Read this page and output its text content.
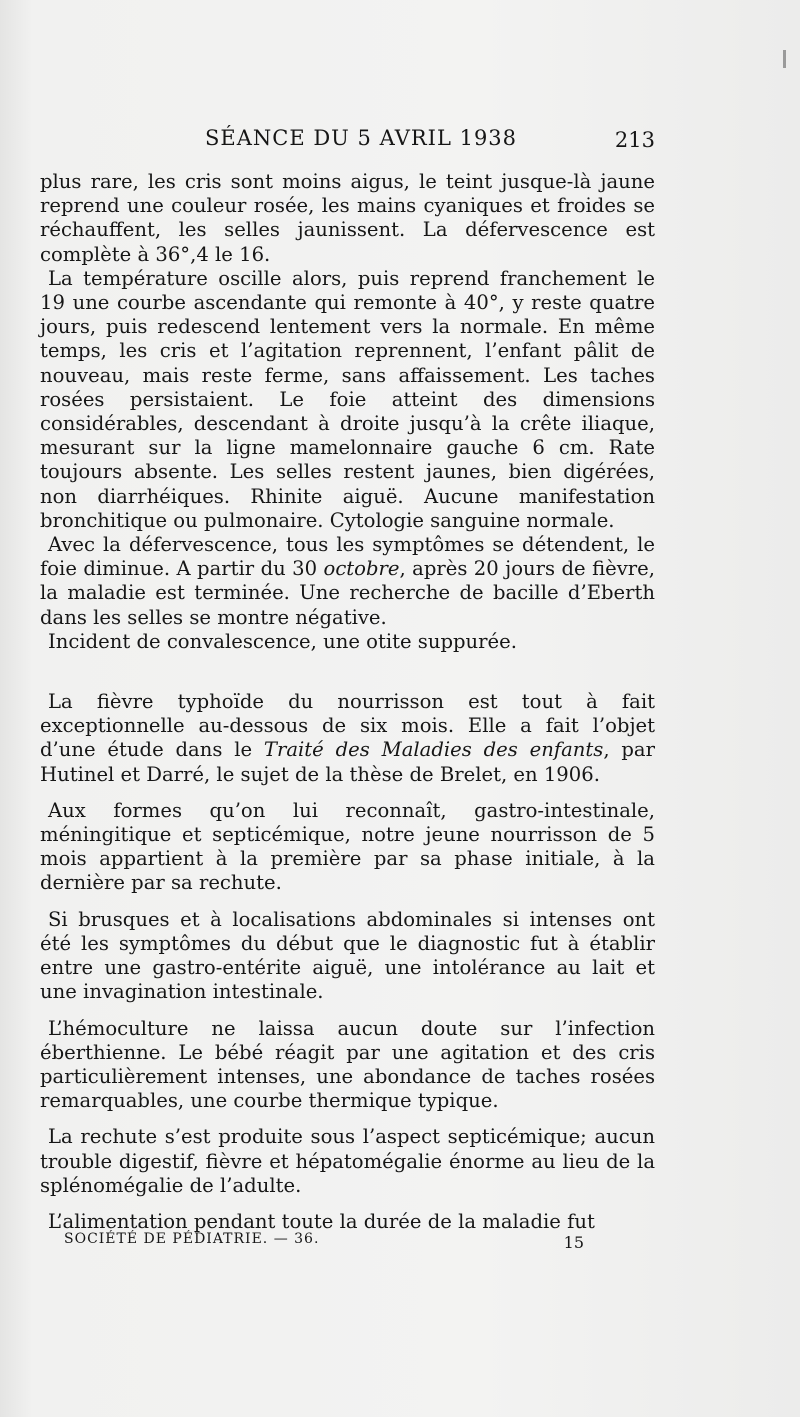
SÉANCE DU 5 AVRIL 1938	213

plus rare, les cris sont moins aigus, le teint jusque-là jaune reprend une couleur rosée, les mains cyaniques et froides se réchauffent, les selles jaunissent. La défervescence est complète à 36°,4 le 16.

La température oscille alors, puis reprend franchement le 19 une courbe ascendante qui remonte à 40°, y reste quatre jours, puis redescend lentement vers la normale. En même temps, les cris et l’agitation reprennent, l’enfant pâlit de nouveau, mais reste ferme, sans affaissement. Les taches rosées persistaient. Le foie atteint des dimensions considérables, descendant à droite jusqu’à la crête iliaque, mesurant sur la ligne mamelonnaire gauche 6 cm. Rate toujours absente. Les selles restent jaunes, bien digérées, non diarrhéiques. Rhinite aiguë. Aucune manifestation bronchitique ou pulmonaire. Cytologie sanguine normale.

Avec la défervescence, tous les symptômes se détendent, le foie diminue. A partir du 30 octobre, après 20 jours de fièvre, la maladie est terminée. Une recherche de bacille d’Eberth dans les selles se montre négative.

Incident de convalescence, une otite suppurée.

La fièvre typhoïde du nourrisson est tout à fait exceptionnelle au-dessous de six mois. Elle a fait l’objet d’une étude dans le Traité des Maladies des enfants, par Hutinel et Darré, le sujet de la thèse de Brelet, en 1906.

Aux formes qu’on lui reconnaît, gastro-intestinale, méningitique et septicémique, notre jeune nourrisson de 5 mois appartient à la première par sa phase initiale, à la dernière par sa rechute.

Si brusques et à localisations abdominales si intenses ont été les symptômes du début que le diagnostic fut à établir entre une gastro-entérite aiguë, une intolérance au lait et une invagination intestinale.

L’hémoculture ne laissa aucun doute sur l’infection éberthienne. Le bébé réagit par une agitation et des cris particulièrement intenses, une abondance de taches rosées remarquables, une courbe thermique typique.

La rechute s’est produite sous l’aspect septicémique; aucun trouble digestif, fièvre et hépatomégalie énorme au lieu de la splénomégalie de l’adulte.

L’alimentation pendant toute la durée de la maladie fut

SOCIÉTÉ DE PÉDIATRIE. — 36.	15
